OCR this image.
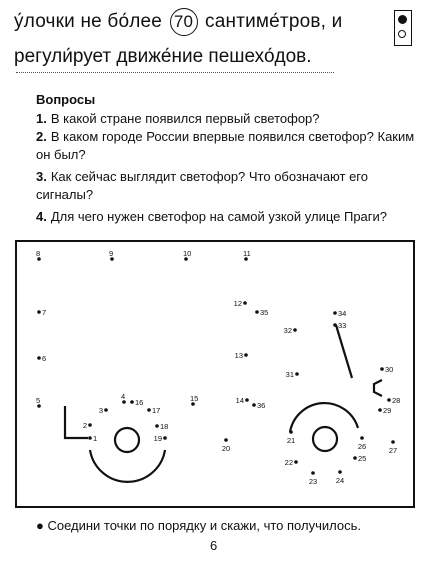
у́лочки не бо́лее 70 сантиме́тров, и
регули́рует движе́ние пешехо́дов.
Вопросы
1. В какой стране появился первый светофор?
2. В каком городе России впервые появился светофор? Каким он был?
3. Как сейчас выглядит светофор? Что обозначают его сигналы?
4. Для чего нужен светофор на самой узкой улице Праги?
1
2
3
4
5
6
7
8	9	10	11
12
13
14
15
16
17
18
19
20
21
22
23 24
25
26	27
28
29
30
31
32
33
34
35
36
● Соедини точки по порядку и скажи, что получилось.
6
